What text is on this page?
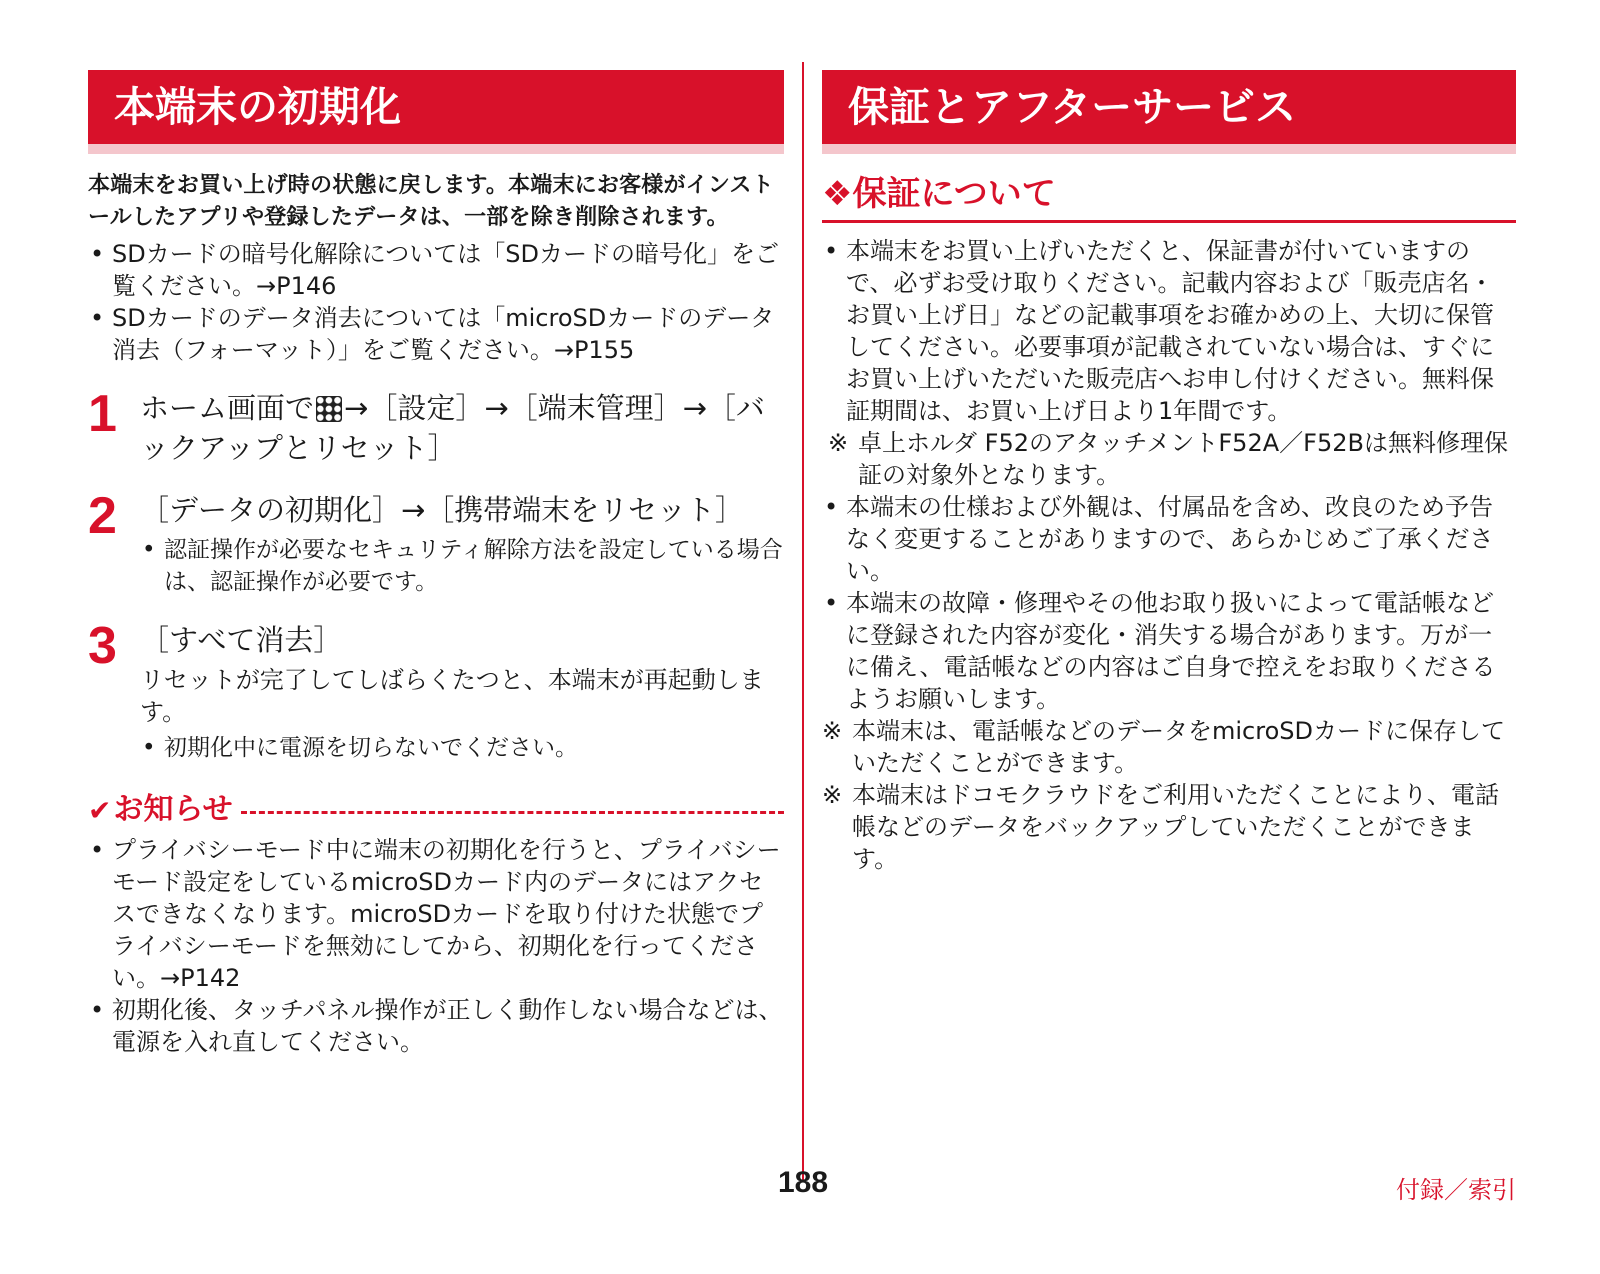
本端末の初期化
本端末をお買い上げ時の状態に戻します。本端末にお客様がインストールしたアプリや登録したデータは、一部を除き削除されます。
• SDカードの暗号化解除については「SDカードの暗号化」をご覧ください。→P146
• SDカードのデータ消去については「microSDカードのデータ消去（フォーマット）」をご覧ください。→P155
1 ホーム画面で →［設定］→［端末管理］→［バックアップとリセット］
2 ［データの初期化］→［携帯端末をリセット］
• 認証操作が必要なセキュリティ解除方法を設定している場合は、認証操作が必要です。
3 ［すべて消去］
リセットが完了してしばらくたつと、本端末が再起動します。
• 初期化中に電源を切らないでください。
✔ お知らせ
• プライバシーモード中に端末の初期化を行うと、プライバシーモード設定をしているmicroSDカード内のデータにはアクセスできなくなります。microSDカードを取り付けた状態でプライバシーモードを無効にしてから、初期化を行ってください。→P142
• 初期化後、タッチパネル操作が正しく動作しない場合などは、電源を入れ直してください。
保証とアフターサービス
❖保証について
• 本端末をお買い上げいただくと、保証書が付いていますので、必ずお受け取りください。記載内容および「販売店名・お買い上げ日」などの記載事項をお確かめの上、大切に保管してください。必要事項が記載されていない場合は、すぐにお買い上げいただいた販売店へお申し付けください。無料保証期間は、お買い上げ日より1年間です。
※ 卓上ホルダ F52のアタッチメントF52A／F52Bは無料修理保証の対象外となります。
• 本端末の仕様および外観は、付属品を含め、改良のため予告なく変更することがありますので、あらかじめご了承ください。
• 本端末の故障・修理やその他お取り扱いによって電話帳などに登録された内容が変化・消失する場合があります。万が一に備え、電話帳などの内容はご自身で控えをお取りくださるようお願いします。
※ 本端末は、電話帳などのデータをmicroSDカードに保存していただくことができます。
※ 本端末はドコモクラウドをご利用いただくことにより、電話帳などのデータをバックアップしていただくことができます。
188	付録／索引
